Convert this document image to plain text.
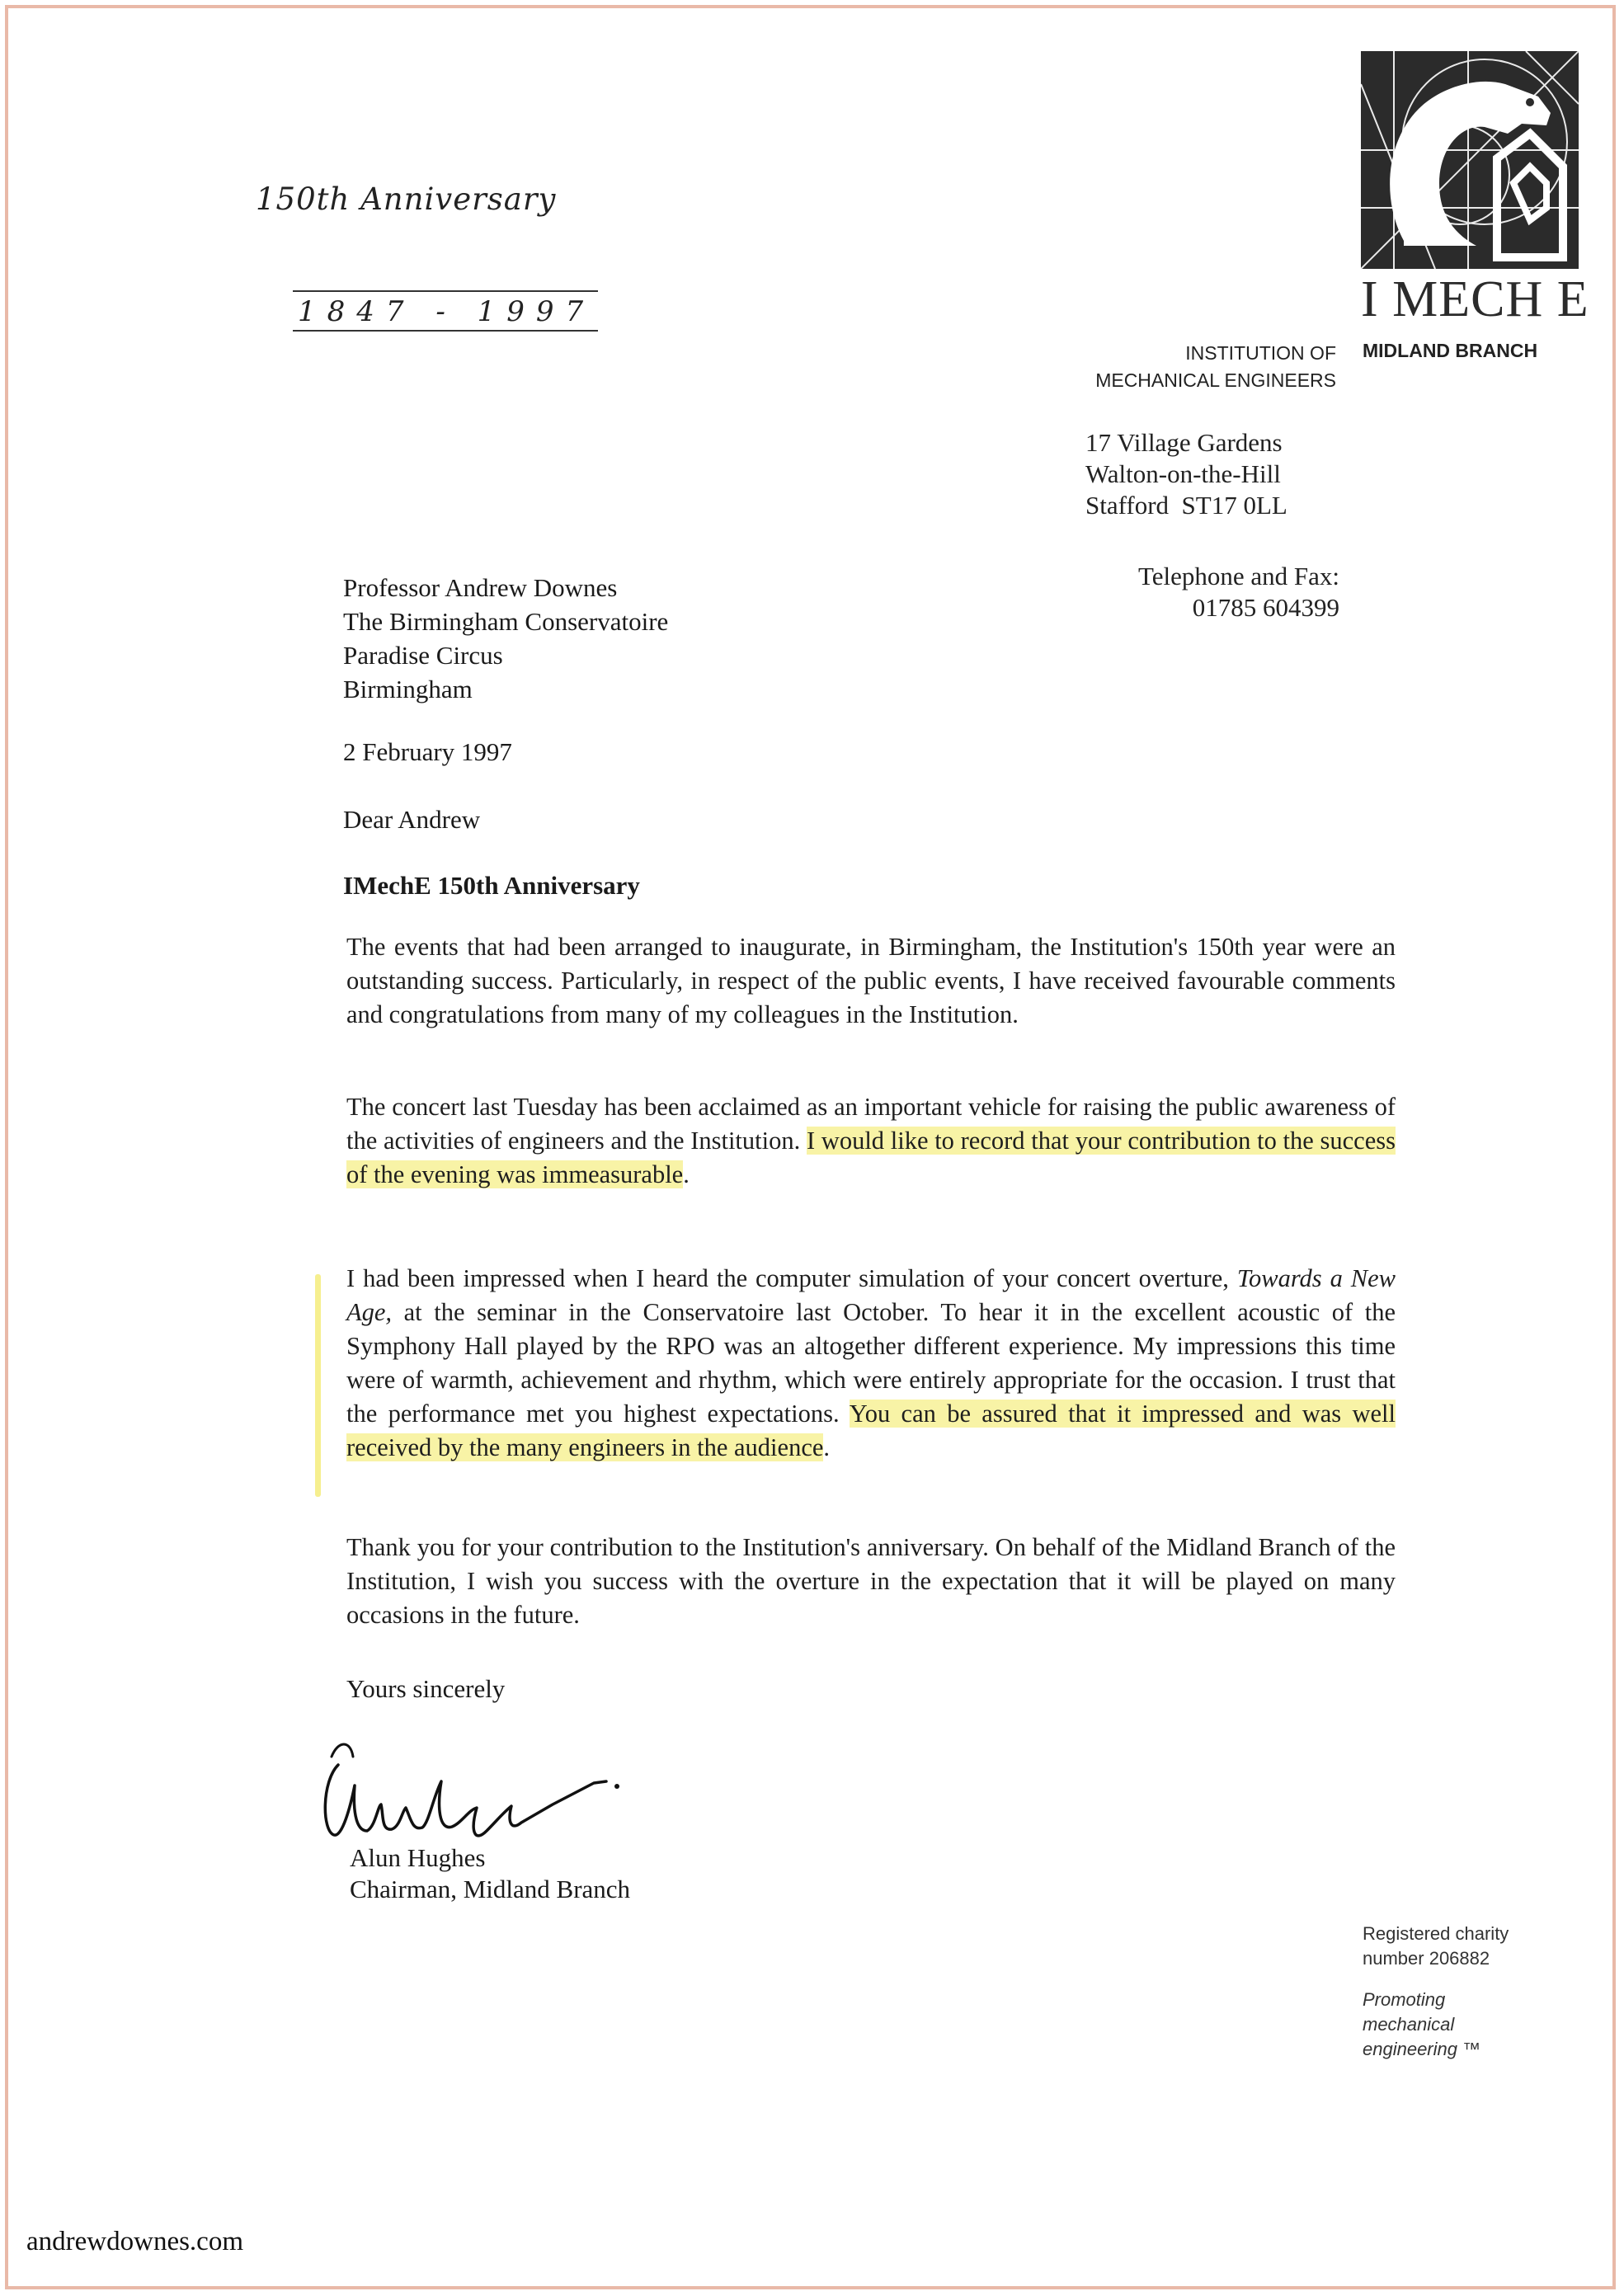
150th Anniversary
1847 - 1997	I MECH E
INSTITUTION OF
MECHANICAL ENGINEERS
MIDLAND BRANCH
17 Village Gardens
Walton-on-the-Hill
Stafford  ST17 0LL
Telephone and Fax:
01785 604399
Professor Andrew Downes
The Birmingham Conservatoire
Paradise Circus
Birmingham
2 February 1997
Dear Andrew
IMechE 150th Anniversary
The events that had been arranged to inaugurate, in Birmingham, the Institution's 150th year were an outstanding success. Particularly, in respect of the public events, I have received favourable comments and congratulations from many of my colleagues in the Institution.
The concert last Tuesday has been acclaimed as an important vehicle for raising the public awareness of the activities of engineers and the Institution. I would like to record that your contribution to the success of the evening was immeasurable.
I had been impressed when I heard the computer simulation of your concert overture, Towards a New Age, at the seminar in the Conservatoire last October. To hear it in the excellent acoustic of the Symphony Hall played by the RPO was an altogether different experience. My impressions this time were of warmth, achievement and rhythm, which were entirely appropriate for the occasion. I trust that the performance met you highest expectations. You can be assured that it impressed and was well received by the many engineers in the audience.
Thank you for your contribution to the Institution's anniversary. On behalf of the Midland Branch of the Institution, I wish you success with the overture in the expectation that it will be played on many occasions in the future.
Yours sincerely
Alun Hughes
Chairman, Midland Branch
Registered charity
number 206882
Promoting
mechanical
engineering ™
andrewdownes.com
